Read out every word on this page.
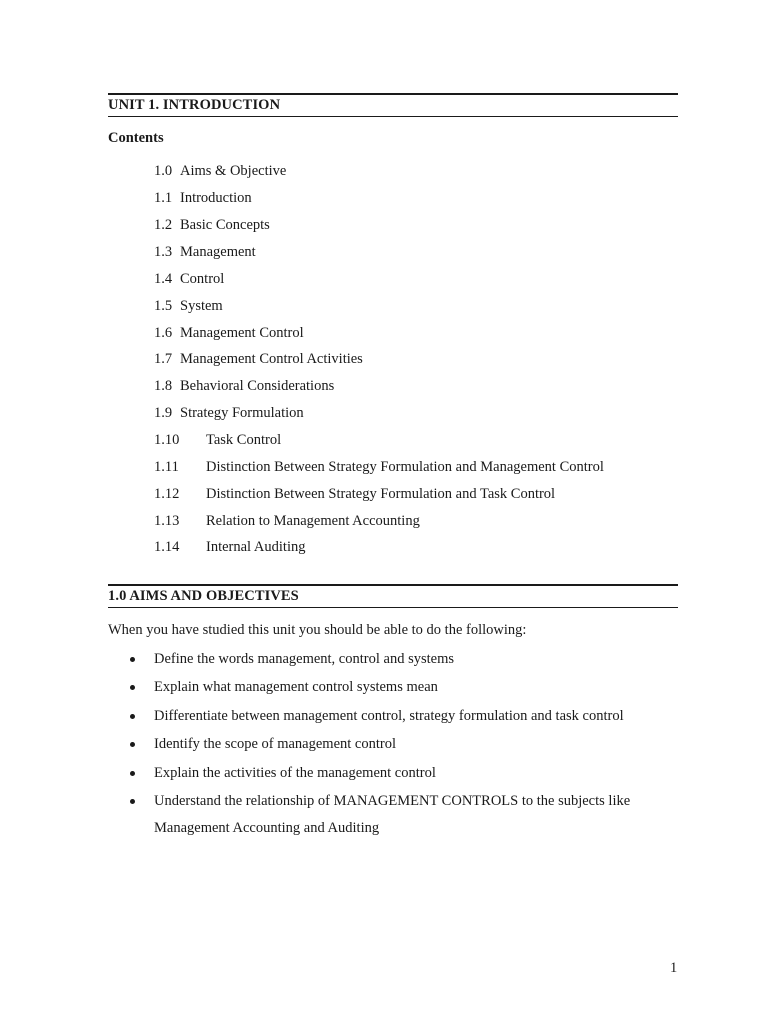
UNIT 1. INTRODUCTION
Contents
1.0 Aims & Objective
1.1 Introduction
1.2 Basic Concepts
1.3 Management
1.4 Control
1.5 System
1.6 Management Control
1.7 Management Control Activities
1.8 Behavioral Considerations
1.9 Strategy Formulation
1.10 Task Control
1.11 Distinction Between Strategy Formulation and Management Control
1.12 Distinction Between Strategy Formulation and Task Control
1.13 Relation to Management Accounting
1.14 Internal Auditing
1.0 AIMS AND OBJECTIVES
When you have studied this unit you should be able to do the following:
Define the words management, control and systems
Explain what management control systems mean
Differentiate between management control, strategy formulation and task control
Identify the scope of management control
Explain the activities of the management control
Understand the relationship of MANAGEMENT CONTROLS to the subjects like
Management Accounting and Auditing
1
